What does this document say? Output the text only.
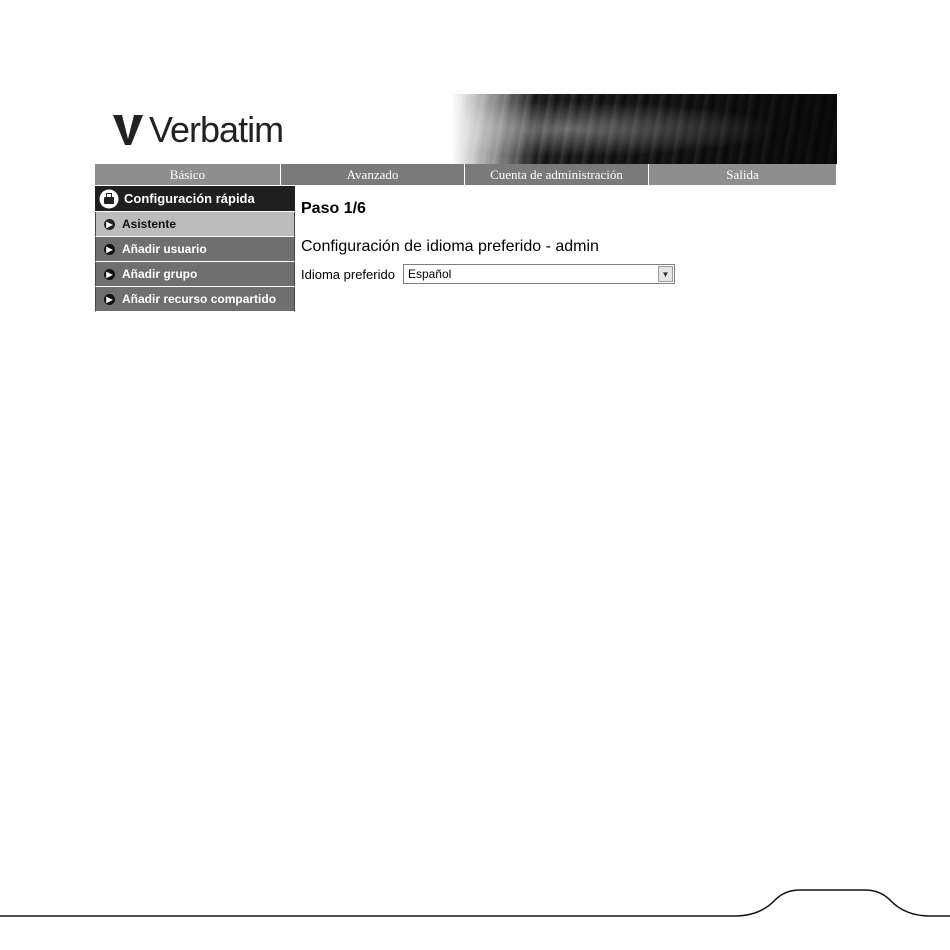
Verbatim
Básico	Avanzado	Cuenta de administración	Salida
Configuración rápida
▶ Asistente
▶ Añadir usuario
▶ Añadir grupo
▶ Añadir recurso compartido
Paso 1/6
Configuración de idioma preferido - admin
Idioma preferido Español	▼
